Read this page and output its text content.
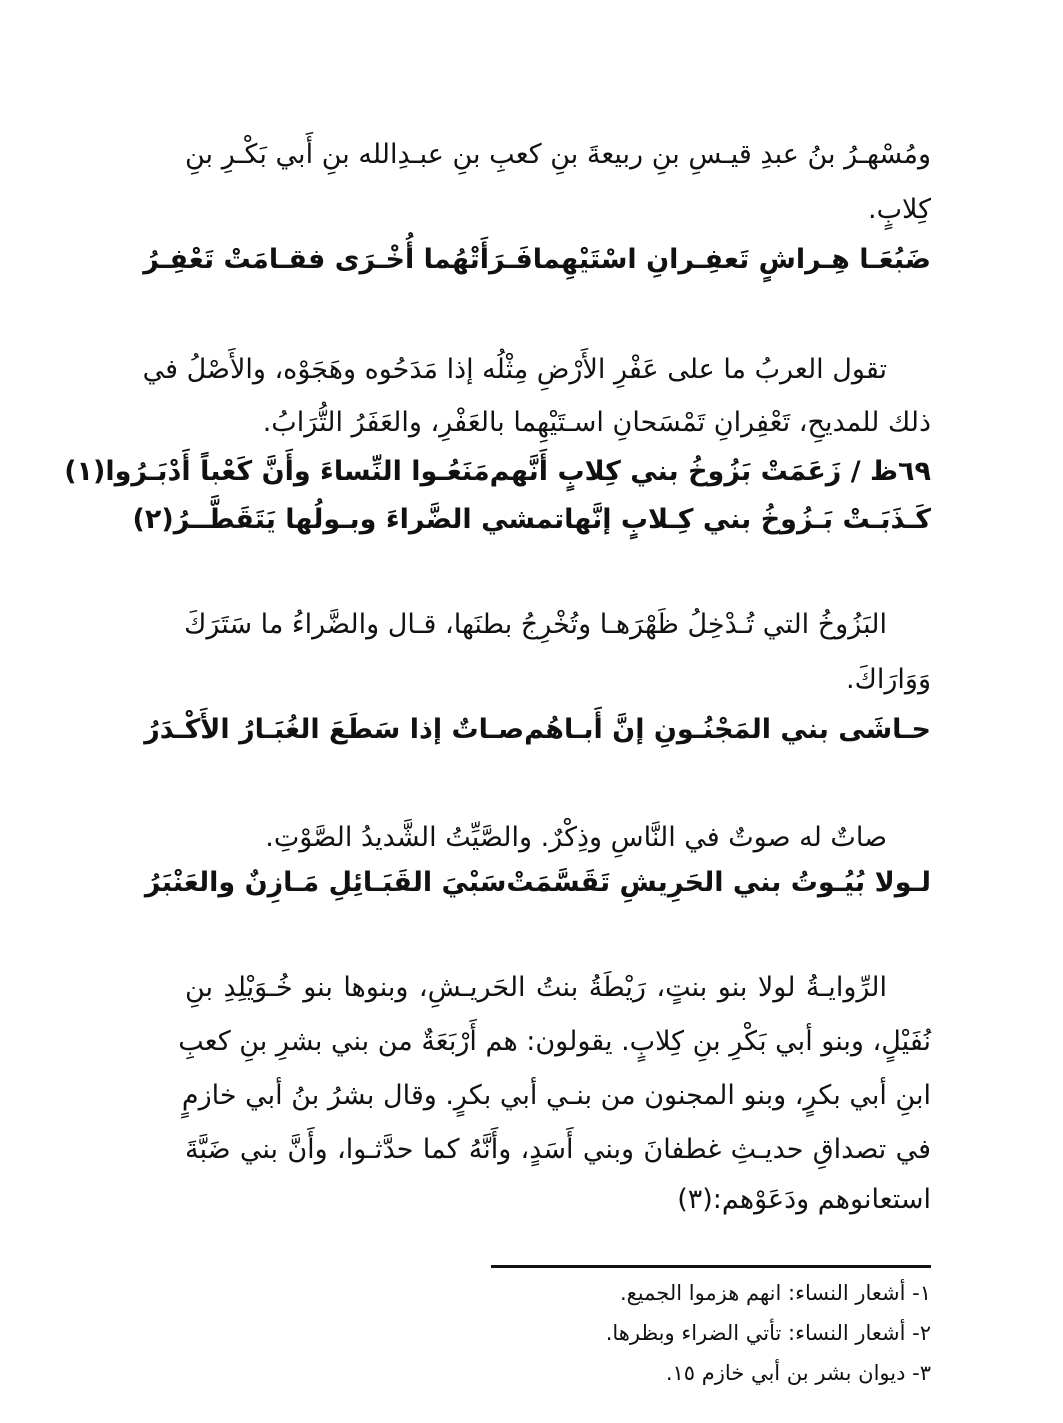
ومُسْهـرُ بنُ عبدِ قيـسِ بنِ ربيعةَ بنِ كعبِ بنِ عبـدِالله بنِ أَبي بَكْـرِ بنِ
كِلابٍ.
ضَبُعَـا هِـراشٍ تَعفِـرانِ اسْتَيْهِما
فَـرَأَتْهُما أُخْـرَى فقـامَتْ تَعْفِـرُ
تقول العربُ ما على عَفْرِ الأَرْضِ مِثْلُه إذا مَدَحُوه وهَجَوْه، والأَصْلُ في
ذلك للمديحِ، تَعْفِرانِ تَمْسَحانِ اسـتَيْهِما بالعَفْرِ، والعَفَرُ التُّرَابُ.
٦٩ظ / زَعَمَتْ بَزُوخُ بني كِلابٍ أَنَّهم
مَنَعُـوا النِّساءَ وأَنَّ كَعْباً أَدْبَـرُوا(١)
كَـذَبَـتْ بَـزُوخُ بني كِـلابٍ إنَّها
تمشي الضَّراءَ وبـولُها يَتَقَطَّــرُ(٢)
البَزُوخُ التي تُـدْخِلُ ظَهْرَهـا وتُخْرِجُ بطنَها، قـال والضَّراءُ ما سَتَرَكَ
وَوَارَاكَ.
حـاشَى بني المَجْنُـونِ إنَّ أَبـاهُم
صـاتٌ إذا سَطَعَ الغُبَـارُ الأَكْـدَرُ
صاتٌ له صوتٌ في النَّاسِ وذِكْرٌ. والصَّيِّتُ الشَّديدُ الصَّوْتِ.
لـولا بُيُـوتُ بني الحَرِيشِ تَقَسَّمَتْ
سَبْيَ القَبَـائِلِ مَـازِنٌ والعَنْبَرُ
الرِّوايـةُ لولا بنو بنتٍ، رَيْطَةُ بنتُ الحَريـشِ، وبنوها بنو خُـوَيْلِدِ بنِ
نُفَيْلٍ، وبنو أبي بَكْرِ بنِ كِلابٍ. يقولون: هم أَرْبَعَةٌ من بني بشرِ بنِ كعبِ
ابنِ أبي بكرٍ، وبنو المجنون من بنـي أبي بكرٍ. وقال بشرُ بنُ أبي خازمٍ
في تصداقِ حديـثِ غطفانَ وبني أَسَدٍ، وأَنَّهُ كما حدَّثـوا، وأَنَّ بني ضَبَّةَ
استعانوهم ودَعَوْهم:(٣)
١- أشعار النساء: انهم هزموا الجميع.
٢- أشعار النساء: تأتي الضراء وبظرها.
٣- ديوان بشر بن أبي خازم ١٥.
